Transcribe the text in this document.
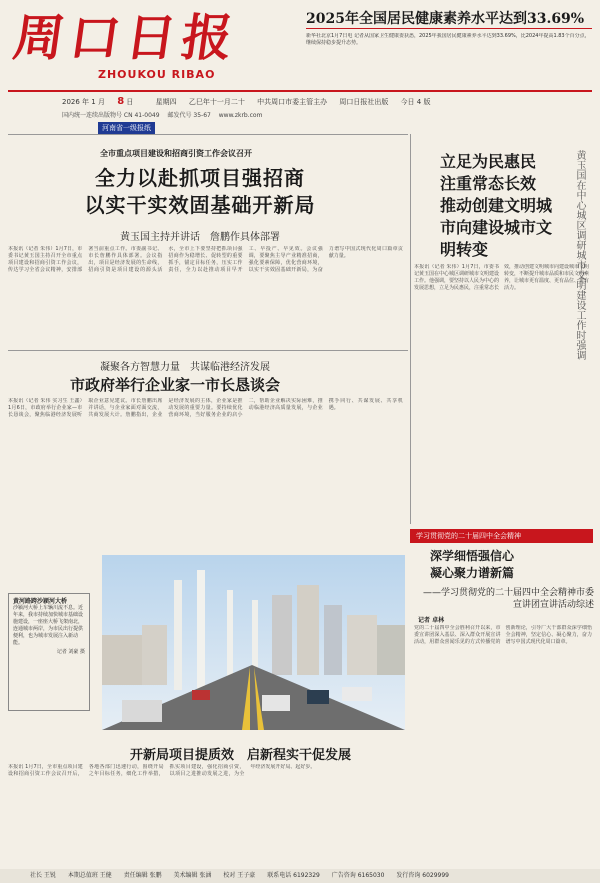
周口日报
ZHOUKOU RIBAO
2025年全国居民健康素养水平达到33.69%
新华社北京1月7日电 记者从国家卫生健康委获悉，2025年我国居民健康素养水平达到33.69%，比2024年提高1.83个百分点，继续保持稳步提升态势。
2026 年 1 月 8 日	星期四 乙巳年十一月二十 中共周口市委主管主办 周口日报社出版 今日 4 版
国内统一连续出版物号 CN 41-0049　 邮发代号 35-67　 www.zkrb.com
河南省一级报纸
全市重点项目建设和招商引资工作会议召开
全力以赴抓项目强招商
以实干实效固基础开新局
黄玉国主持并讲话　詹鹏作具体部署
本报讯（记者 朱伟）1月7日，市委书记黄玉国主持召开全市重点项目建设和招商引资工作会议，传达学习全省会议精神，安排部署当前重点工作。市委副书记、市长詹鹏作具体部署。会议指出，项目是经济发展的生命线，招商引资是项目建设的源头活水，全市上下要坚持把抓项目强招商作为稳增长、促转型的重要抓手，锚定目标任务，压实工作责任，全力以赴推动项目早开工、早投产、早见效。会议强调，要聚焦主导产业精准招商，强化要素保障，优化营商环境，以实干实效固基础开新局，为奋力谱写中国式现代化周口篇章贡献力量。
凝聚各方智慧力量　共谋临港经济发展
市政府举行企业家一市长恳谈会
本报讯（记者 朱伟 实习生 王鑫）1月6日，市政府举行企业家—市长恳谈会，聚焦临港经济发展听取企业意见建议。市长詹鹏出席并讲话，与企业家面对面交流，共商发展大计。詹鹏指出，企业是经济发展的主体，企业家是推动发展的重要力量。要持续优化营商环境，当好服务企业的店小二，帮助企业解决实际困难，推动临港经济高质量发展，与企业携手同行、共谋发展、共享机遇。
黄河路跨沙颍河大桥
沙颍河大桥上车辆川流不息。近年来，我市持续加快城市基础设施建设，一座座大桥飞架南北，连通城市两岸，为市民出行提供便利，也为城市发展注入新动能。
记者 刘豪 摄
开新局项目提质效　启新程实干促发展
本报讯 1月7日，全市重点项目建设和招商引资工作会议召开后，各地各部门迅速行动，围绕开局之年目标任务，细化工作举措，抓实项目建设，强化招商引资，以项目之进推动发展之进，为全年经济发展开好局、起好步。
黄玉国在中心城区调研城市文明建设工作时强调
立足为民惠民　注重常态长效　推动创建文明城市向建设城市文明转变
本报讯（记者 朱伟）1月7日，市委书记黄玉国在中心城区调研城市文明建设工作。他强调，要坚持以人民为中心的发展思想，立足为民惠民，注重常态长效，推动创建文明城市向建设城市文明转变，不断提升城市品质和市民文明素养，让城市更有温度、更有品位、更有活力。
学习贯彻党的二十届四中全会精神
深学细悟强信心
凝心聚力谱新篇
——学习贯彻党的二十届四中全会精神市委宣讲团宣讲活动综述
记者 卓林
党的二十届四中全会胜利召开以来，市委宣讲团深入基层、深入群众开展宣讲活动，用群众喜闻乐见的方式传播党的创新理论，引导广大干部群众深学细悟全会精神，坚定信心、凝心聚力，奋力谱写中国式现代化周口篇章。
社长 王锐 本期总值班 王健 责任编辑 张鹏 美术编辑 张涵 校对 王子豪 联系电话 6192329 广告咨询 6165030 发行咨询 6029999
